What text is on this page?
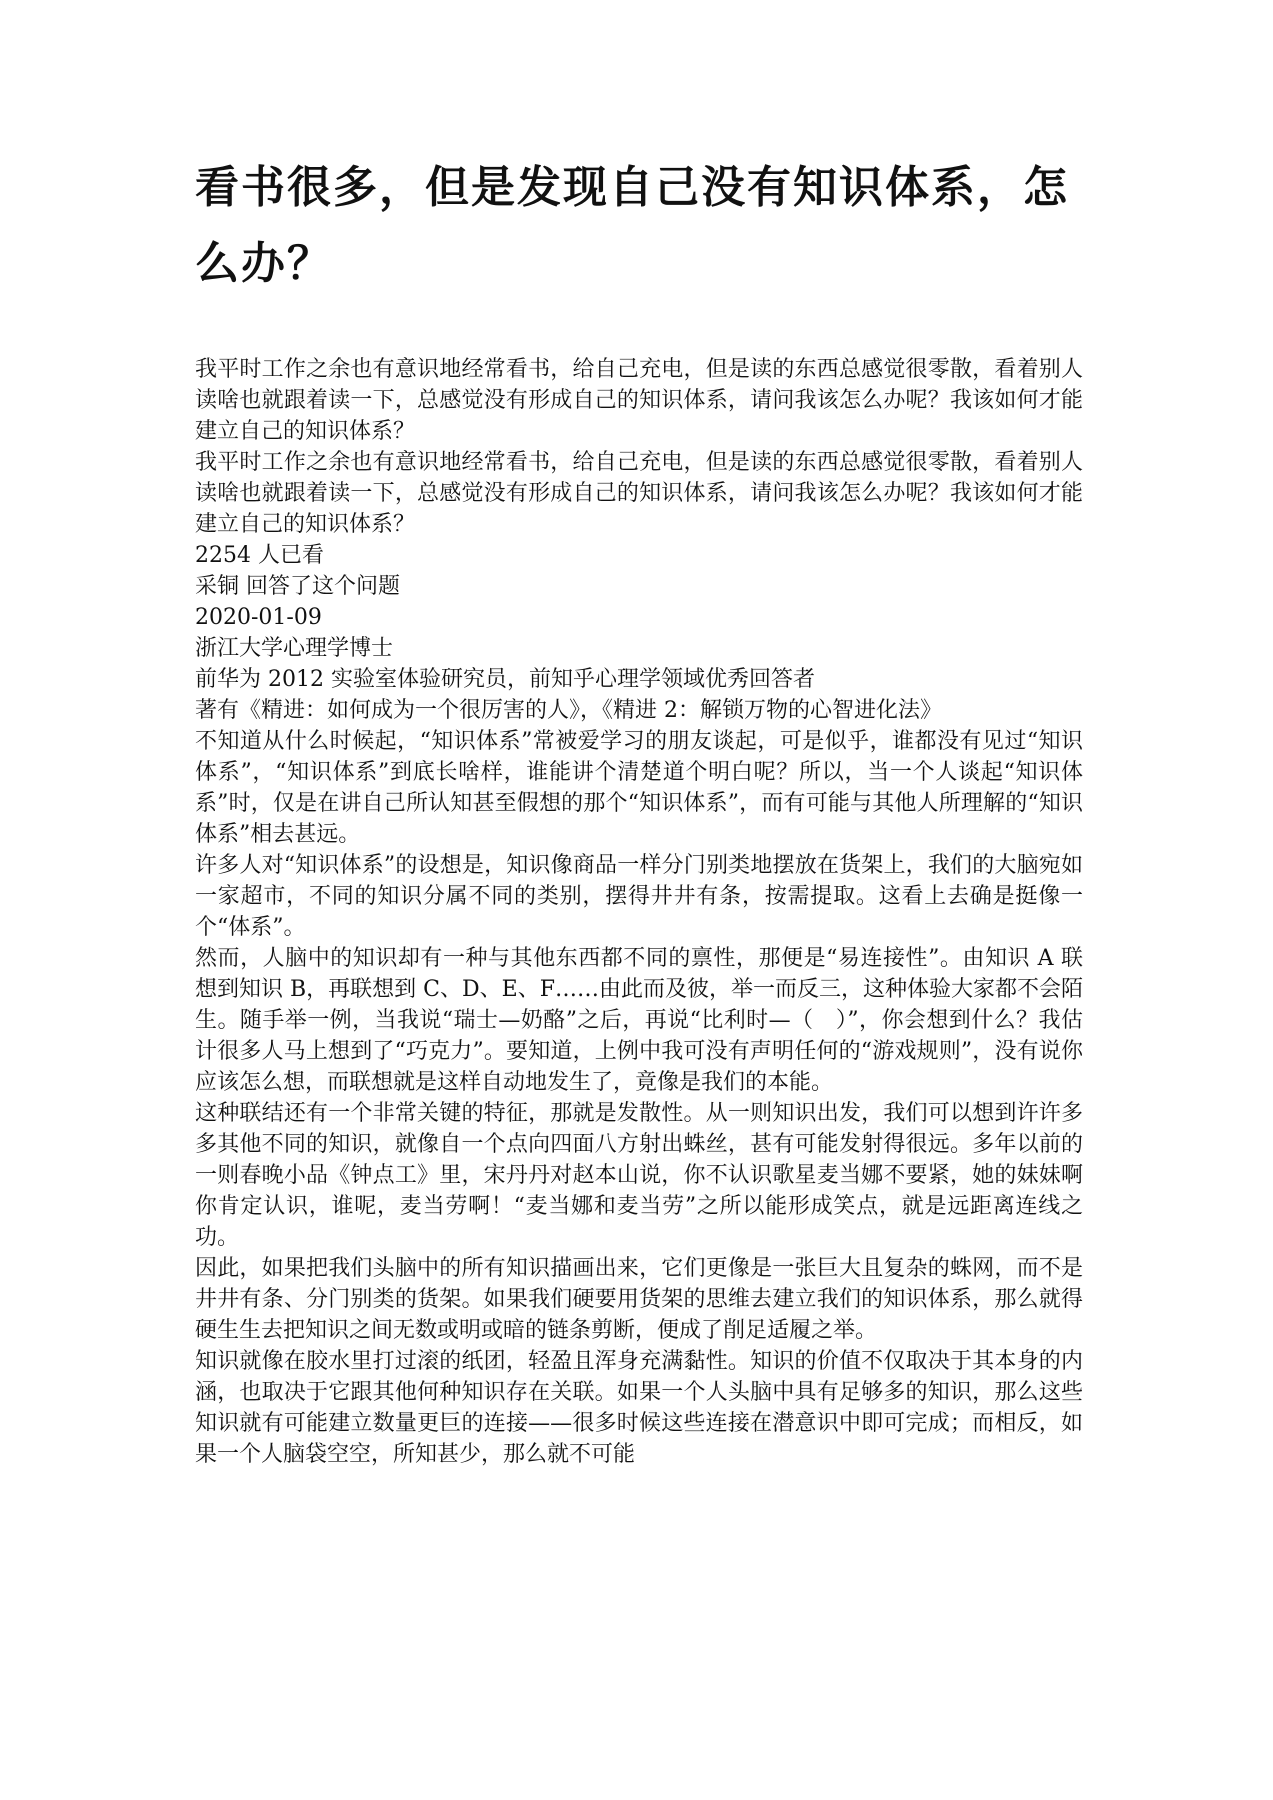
看书很多，但是发现自己没有知识体系，怎么办？

我平时工作之余也有意识地经常看书，给自己充电，但是读的东西总感觉很零散，看着别人读啥也就跟着读一下，总感觉没有形成自己的知识体系，请问我该怎么办呢？我该如何才能建立自己的知识体系？

我平时工作之余也有意识地经常看书，给自己充电，但是读的东西总感觉很零散，看着别人读啥也就跟着读一下，总感觉没有形成自己的知识体系，请问我该怎么办呢？我该如何才能建立自己的知识体系？

2254 人已看

采铜 回答了这个问题

2020-01-09

浙江大学心理学博士

前华为 2012 实验室体验研究员，前知乎心理学领域优秀回答者

著有《精进：如何成为一个很厉害的人》，《精进 2：解锁万物的心智进化法》

不知道从什么时候起，“知识体系”常被爱学习的朋友谈起，可是似乎，谁都没有见过“知识体系”，“知识体系”到底长啥样，谁能讲个清楚道个明白呢？所以，当一个人谈起“知识体系”时，仅是在讲自己所认知甚至假想的那个“知识体系”，而有可能与其他人所理解的“知识体系”相去甚远。

许多人对“知识体系”的设想是，知识像商品一样分门别类地摆放在货架上，我们的大脑宛如一家超市，不同的知识分属不同的类别，摆得井井有条，按需提取。这看上去确是挺像一个“体系”。

然而，人脑中的知识却有一种与其他东西都不同的禀性，那便是“易连接性”。由知识 A 联想到知识 B，再联想到 C、D、E、F……由此而及彼，举一而反三，这种体验大家都不会陌生。随手举一例，当我说“瑞士—奶酪”之后，再说“比利时—（　）”，你会想到什么？我估计很多人马上想到了“巧克力”。要知道，上例中我可没有声明任何的“游戏规则”，没有说你应该怎么想，而联想就是这样自动地发生了，竟像是我们的本能。

这种联结还有一个非常关键的特征，那就是发散性。从一则知识出发，我们可以想到许许多多其他不同的知识，就像自一个点向四面八方射出蛛丝，甚有可能发射得很远。多年以前的一则春晚小品《钟点工》里，宋丹丹对赵本山说，你不认识歌星麦当娜不要紧，她的妹妹啊你肯定认识，谁呢，麦当劳啊！“麦当娜和麦当劳”之所以能形成笑点，就是远距离连线之功。

因此，如果把我们头脑中的所有知识描画出来，它们更像是一张巨大且复杂的蛛网，而不是井井有条、分门别类的货架。如果我们硬要用货架的思维去建立我们的知识体系，那么就得硬生生去把知识之间无数或明或暗的链条剪断，便成了削足适履之举。

知识就像在胶水里打过滚的纸团，轻盈且浑身充满黏性。知识的价值不仅取决于其本身的内涵，也取决于它跟其他何种知识存在关联。如果一个人头脑中具有足够多的知识，那么这些知识就有可能建立数量更巨的连接——很多时候这些连接在潜意识中即可完成；而相反，如果一个人脑袋空空，所知甚少，那么就不可能
